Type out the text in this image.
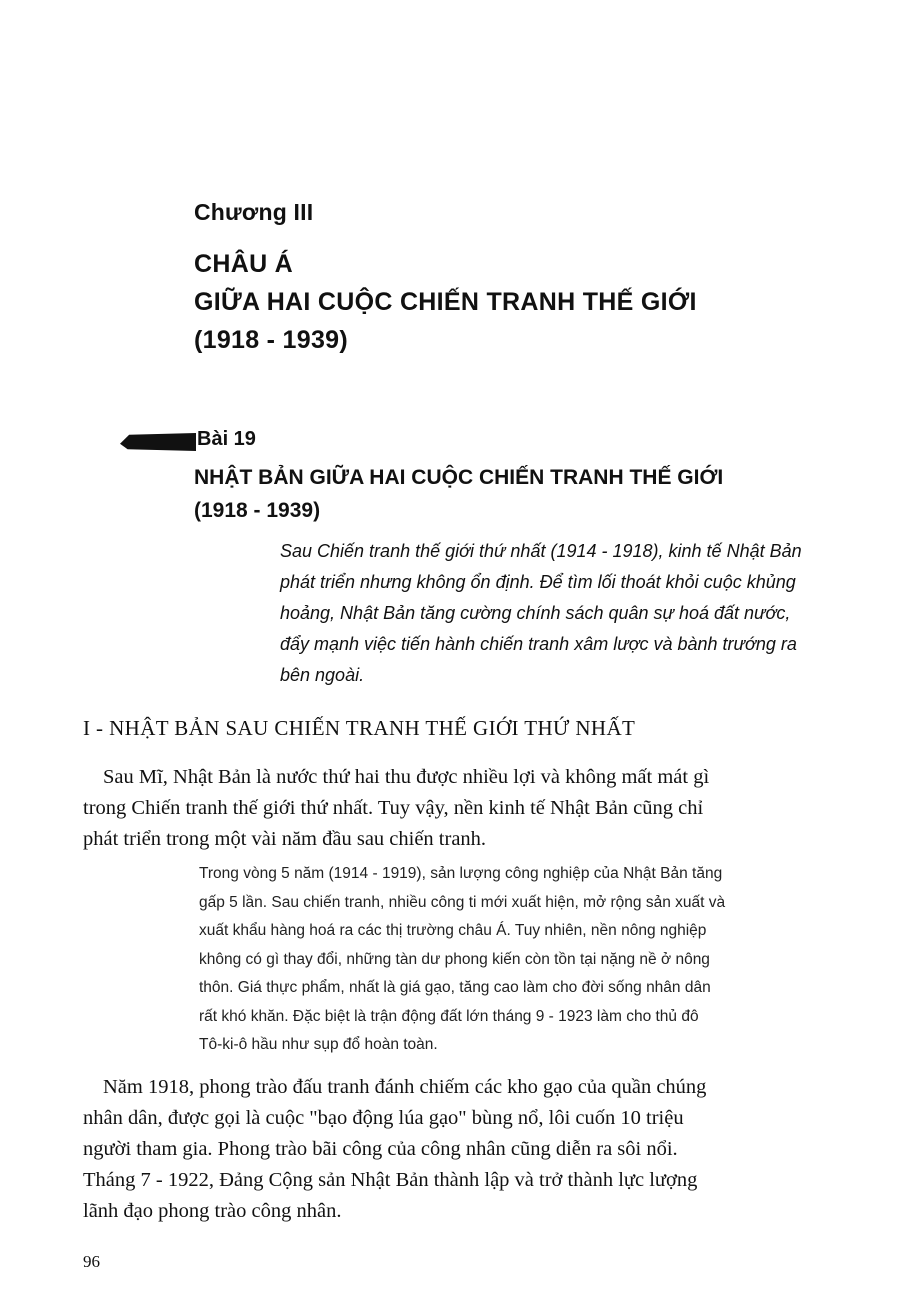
Chương III
CHÂU Á
GIỮA HAI CUỘC CHIẾN TRANH THẾ GIỚI
(1918 - 1939)
Bài 19
NHẬT BẢN GIỮA HAI CUỘC CHIẾN TRANH THẾ GIỚI
(1918 - 1939)
Sau Chiến tranh thế giới thứ nhất (1914 - 1918), kinh tế Nhật Bản
phát triển nhưng không ổn định. Để tìm lối thoát khỏi cuộc khủng
hoảng, Nhật Bản tăng cường chính sách quân sự hoá đất nước,
đẩy mạnh việc tiến hành chiến tranh xâm lược và bành trướng ra
bên ngoài.
I - NHẬT BẢN SAU CHIẾN TRANH THẾ GIỚI THỨ NHẤT
Sau Mĩ, Nhật Bản là nước thứ hai thu được nhiều lợi và không mất mát gì
trong Chiến tranh thế giới thứ nhất. Tuy vậy, nền kinh tế Nhật Bản cũng chỉ
phát triển trong một vài năm đầu sau chiến tranh.
Trong vòng 5 năm (1914 - 1919), sản lượng công nghiệp của Nhật Bản tăng
gấp 5 lần. Sau chiến tranh, nhiều công ti mới xuất hiện, mở rộng sản xuất và
xuất khẩu hàng hoá ra các thị trường châu Á. Tuy nhiên, nền nông nghiệp
không có gì thay đổi, những tàn dư phong kiến còn tồn tại nặng nề ở nông
thôn. Giá thực phẩm, nhất là giá gạo, tăng cao làm cho đời sống nhân dân
rất khó khăn. Đặc biệt là trận động đất lớn tháng 9 - 1923 làm cho thủ đô
Tô-ki-ô hầu như sụp đổ hoàn toàn.
Năm 1918, phong trào đấu tranh đánh chiếm các kho gạo của quần chúng
nhân dân, được gọi là cuộc "bạo động lúa gạo" bùng nổ, lôi cuốn 10 triệu
người tham gia. Phong trào bãi công của công nhân cũng diễn ra sôi nổi.
Tháng 7 - 1922, Đảng Cộng sản Nhật Bản thành lập và trở thành lực lượng
lãnh đạo phong trào công nhân.
96
